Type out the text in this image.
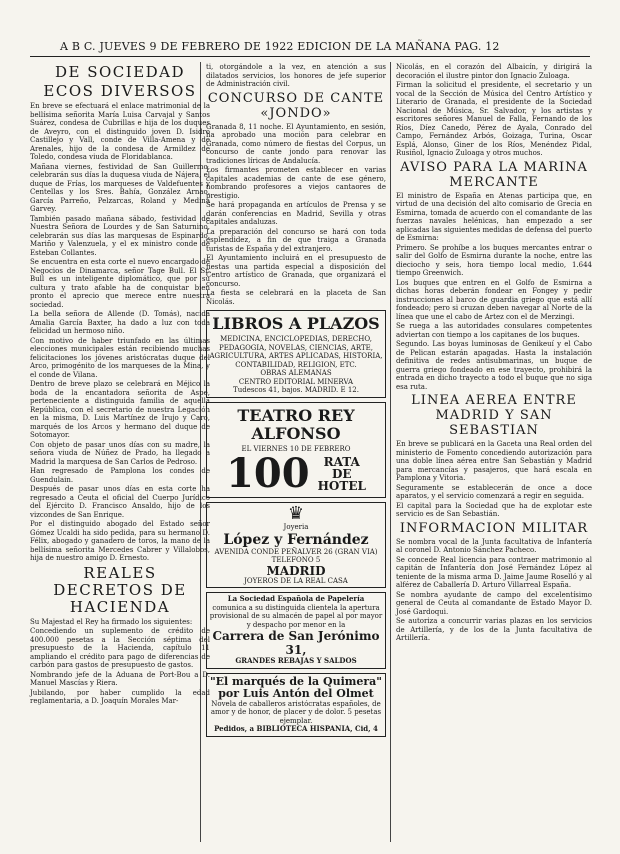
A B C. JUEVES 9 DE FEBRERO DE 1922 EDICION DE LA MAÑANA PAG. 12
DE SOCIEDAD
ECOS DIVERSOS
En breve se efectuará el enlace matrimonial de la bellísima señorita María Luisa Carvajal y Santos Suárez, condesa de Cubrillas e hija de los duques de Aveyro, con el distinguido joven D. Isidro Castillejo y Vall, conde de Villa-Amena y de Arenales, hijo de la condesa de Armildez de Toledo, condesa viuda de Floridablanca.
Mañana viernes, festividad de San Guillermo, celebrarán sus días la duquesa viuda de Nájera, el duque de Frías, los marqueses de Valdefuentes y Centellas y los Sres. Bahía, González Arnao, García Parreño, Pelzarcas, Roland y Medina Garvey.
También pasado mañana sábado, festividad de Nuestra Señora de Lourdes y de San Saturnino, celebrarán sus días las marquesas de Espinardo, Mariño y Valenzuela, y el ex ministro conde de Esteban Collantes.
Se encuentra en esta corte el nuevo encargado de Negocios de Dinamarca, señor Tage Bull. El Sr. Bull es un inteligente diplomático, que por su cultura y trato afable ha de conquistar bien pronto el aprecio que merece entre nuestra sociedad.
La bella señora de Allende (D. Tomás), nacida Amalia García Baxter, ha dado a luz con toda felicidad un hermoso niño.
Con motivo de haber triunfado en las últimas elecciones municipales están recibiendo muchas felicitaciones los jóvenes aristócratas duque del Arco, primogénito de los marqueses de la Mina, y el conde de Vilana.
Dentro de breve plazo se celebrará en Méjico la boda de la encantadora señorita de Aspe, perteneciente a distinguida familia de aquella República, con el secretario de nuestra Legación en la misma, D. Luis Martínez de Irujo y Caro, marqués de los Arcos y hermano del duque de Sotomayor.
Con objeto de pasar unos días con su madre, la señora viuda de Núñez de Prado, ha llegado a Madrid la marquesa de San Carlos de Pedroso.
Han regresado de Pamplona los condes de Guendulain.
Después de pasar unos días en esta corte ha regresado a Ceuta el oficial del Cuerpo Jurídico del Ejército D. Francisco Ansaldo, hijo de los vizcondes de San Enrique.
Por el distinguido abogado del Estado señor Gómez Ucaldi ha sido pedida, para su hermano D. Félix, abogado y ganadero de toros, la mano de la bellísima señorita Mercedes Cabrer y Villalobos, hija de nuestro amigo D. Ernesto.
REALES DECRETOS DE HACIENDA
Su Majestad el Rey ha firmado los siguientes:
Concediendo un suplemento de crédito de 400.000 pesetas a la Sección séptima del presupuesto de la Hacienda, capítulo 11 ampliando el crédito para pago de diferencias de carbón para gastos de presupuesto de gastos.
Nombrando jefe de la Aduana de Port-Bou a D. Manuel Mascías y Riera.
Jubilando, por haber cumplido la edad reglamentaria, a D. Joaquín Morales Mar-
ti, otorgándole a la vez, en atención a sus dilatados servicios, los honores de jefe superior de Administración civil.
CONCURSO DE CANTE «JONDO»
Granada 8, 11 noche. El Ayuntamiento, en sesión, ha aprobado una moción para celebrar en Granada, como número de fiestas del Corpus, un concurso de cante jondo para renovar las tradiciones líricas de Andalucía.
Los firmantes prometen establecer en varias capitales academias de cante de ese género, nombrando profesores a viejos cantaores de prestigio.
Se hará propaganda en artículos de Prensa y se darán conferencias en Madrid, Sevilla y otras capitales andaluzas.
La preparación del concurso se hará con toda esplendidez, a fin de que traiga a Granada turistas de España y del extranjero.
El Ayuntamiento incluirá en el presupuesto de fiestas una partida especial a disposición del Centro artístico de Granada, que organizará el concurso.
La fiesta se celebrará en la placeta de San Nicolás.
LIBROS A PLAZOS
MEDICINA, ENCICLOPEDIAS, DERECHO, PEDAGOGIA, NOVELAS, CIENCIAS, ARTE, AGRICULTURA, ARTES APLICADAS, HISTORIA, CONTABILIDAD, RELIGION, ETC.
OBRAS ALEMANAS
CENTRO EDITORIAL MINERVA
Tudescos 41, bajos. MADRID. E 12.
TEATRO REY ALFONSO
EL VIERNES 10 DE FEBRERO
100	RATA
DE
HOTEL
♛
Joyeria
López y Fernández
AVENIDA CONDE PEÑALVER 26 (GRAN VIA)
TELEFONO 5
MADRID
JOYEROS DE LA REAL CASA
La Sociedad Española de Papelería
comunica a su distinguida clientela la apertura provisional de su almacén de papel al por mayor y despacho por menor en la
Carrera de San Jerónimo 31,
GRANDES REBAJAS Y SALDOS
"El marqués de la Quimera"
por Luis Antón del Olmet
Novela de caballeros aristócratas españoles, de amor y de honor, de placer y de dolor. 5 pesetas ejemplar.
Pedidos, a BIBLIOTECA HISPANIA, Cid, 4
Nicolás, en el corazón del Albaicín, y dirigirá la decoración el ilustre pintor don Ignacio Zuloaga.
Firman la solicitud el presidente, el secretario y un vocal de la Sección de Música del Centro Artístico y Literario de Granada, el presidente de la Sociedad Nacional de Música, Sr. Salvador, y los artistas y escritores señores Manuel de Falla, Fernando de los Ríos, Díez Canedo, Pérez de Ayala, Conrado del Campo, Fernández Arbós, Goizaga, Turina, Oscar Esplá, Alonso, Giner de los Ríos, Menéndez Pidal, Rusiñol, Ignacio Zuloaga y otros muchos.
AVISO PARA LA MARINA MERCANTE
El ministro de España en Atenas participa que, en virtud de una decisión del alto comisario de Grecia en Esmirna, tomada de acuerdo con el comandante de las fuerzas navales helénicas, han empezado a ser aplicadas las siguientes medidas de defensa del puerto de Esmirna:
Primero. Se prohíbe a los buques mercantes entrar o salir del Golfo de Esmirna durante la noche, entre las dieciocho y seis, hora tiempo local medio, 1.644 tiempo Greenwich.
Los buques que entren en el Golfo de Esmirna a dichas horas deberán fondear en Fongey y pedir instrucciones al barco de guardia griego que está allí fondeado; pero si cruzan deben navegar al Norte de la línea que une el cabo de Artez con el de Merzingi.
Se ruega a las autoridades consulares competentes adviertan con tiempo a los capitanes de los buques.
Segundo. Las boyas luminosas de Genikeuí y el Cabo de Pelican estarán apagadas. Hasta la instalación definitiva de redes antisubmarinas, un buque de guerra griego fondeado en ese trayecto, prohibirá la entrada en dicho trayecto a todo el buque que no siga esa ruta.
LINEA AEREA ENTRE MADRID Y SAN SEBASTIAN
En breve se publicará en la Gaceta una Real orden del ministerio de Fomento concediendo autorización para una doble línea aérea entre San Sebastián y Madrid para mercancías y pasajeros, que hará escala en Pamplona y Vitoria.
Seguramente se establecerán de once a doce aparatos, y el servicio comenzará a regir en seguida.
El capital para la Sociedad que ha de explotar este servicio es de San Sebastián.
INFORMACION MILITAR
Se nombra vocal de la Junta facultativa de Infantería al coronel D. Antonio Sánchez Pacheco.
Se concede Real licencia para contraer matrimonio al capitán de Infantería don José Fernández López al teniente de la misma arma D. Jaime Jaume Roselló y al alférez de Caballería D. Arturo Villarreal España.
Se nombra ayudante de campo del excelentísimo general de Ceuta al comandante de Estado Mayor D. José Gardoqui.
Se autoriza a concurrir varias plazas en los servicios de Artillería, y de los de la Junta facultativa de Artillería.
